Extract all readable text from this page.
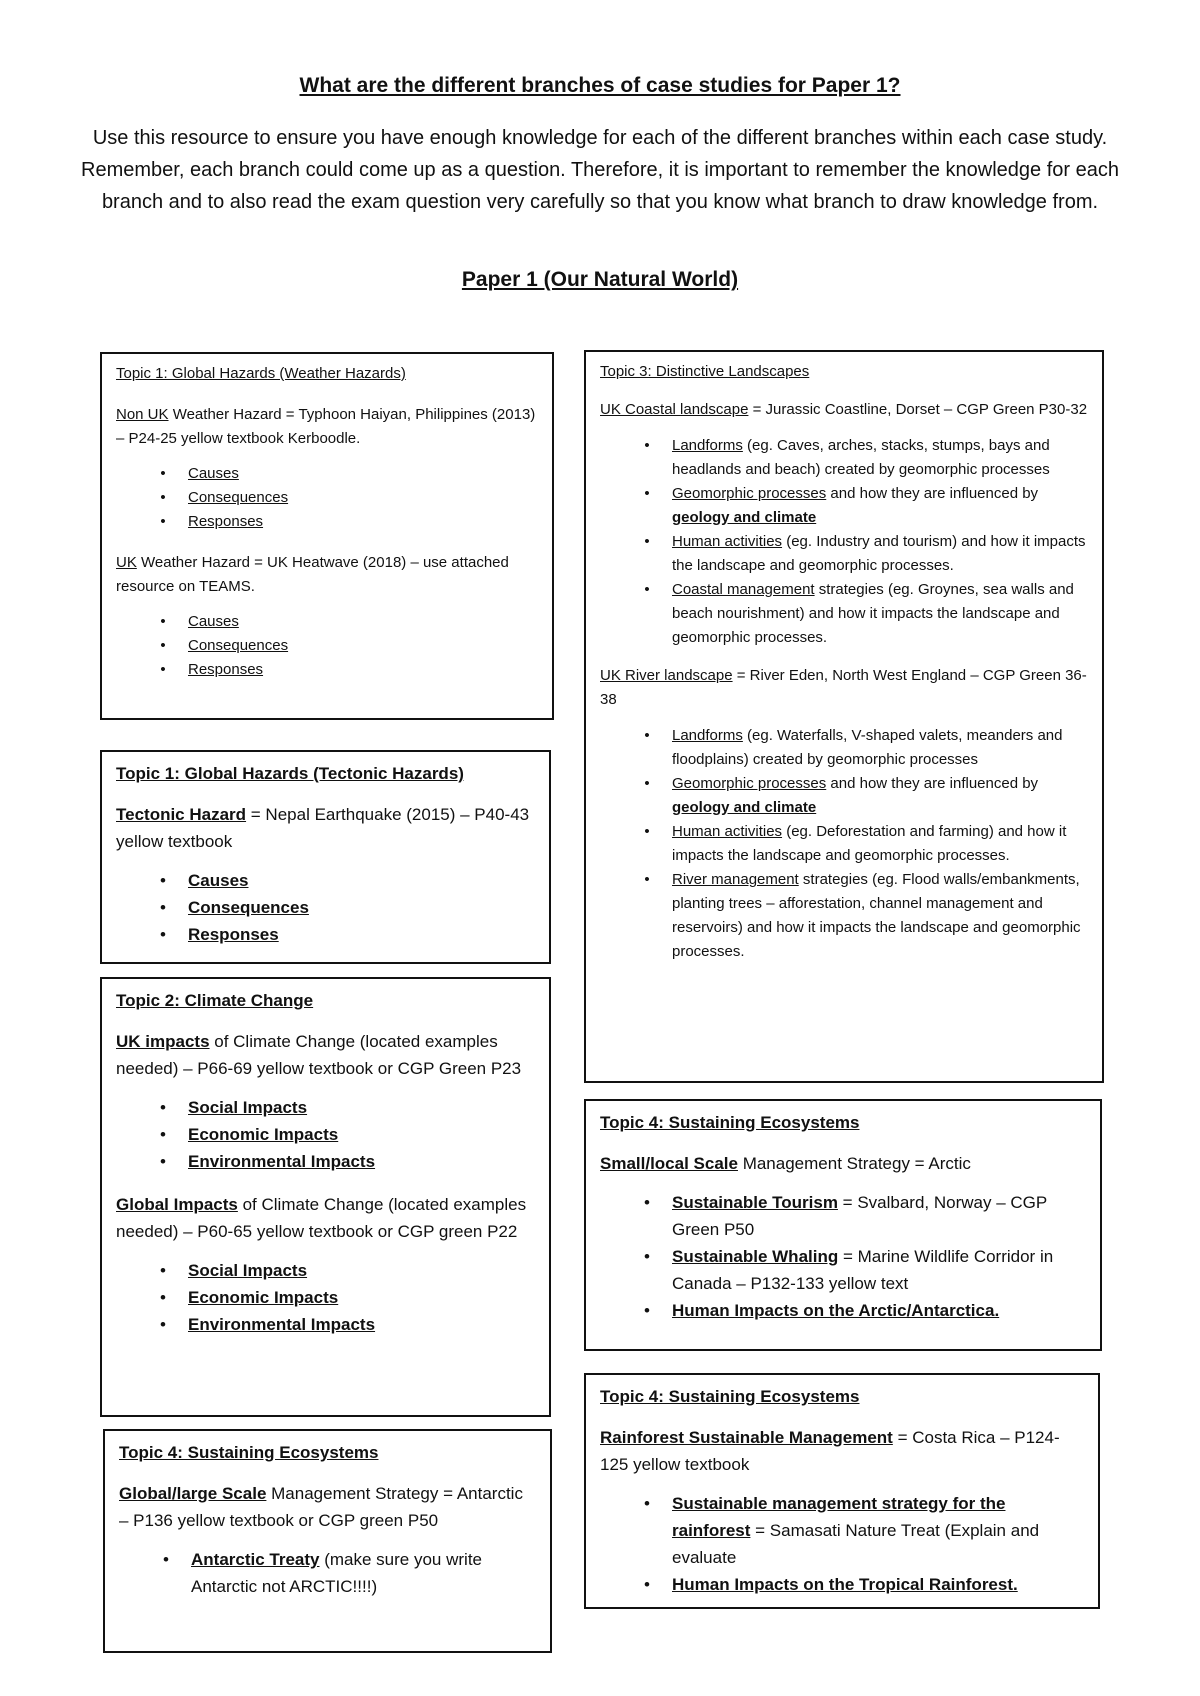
What are the different branches of case studies for Paper 1?
Use this resource to ensure you have enough knowledge for each of the different branches within each case study. Remember, each branch could come up as a question. Therefore, it is important to remember the knowledge for each branch and to also read the exam question very carefully so that you know what branch to draw knowledge from.
Paper 1 (Our Natural World)

Topic 1: Global Hazards (Weather Hazards)

Non UK Weather Hazard = Typhoon Haiyan, Philippines (2013) – P24-25 yellow textbook Kerboodle.

• Causes
• Consequences
• Responses

UK Weather Hazard = UK Heatwave (2018) – use attached resource on TEAMS.

• Causes
• Consequences
• Responses

Topic 1: Global Hazards (Tectonic Hazards)

Tectonic Hazard = Nepal Earthquake (2015) – P40-43 yellow textbook

• Causes
• Consequences
• Responses

Topic 2: Climate Change

UK impacts of Climate Change (located examples needed) – P66-69 yellow textbook or CGP Green P23

• Social Impacts
• Economic Impacts
• Environmental Impacts

Global Impacts of Climate Change (located examples needed) – P60-65 yellow textbook or CGP green P22

• Social Impacts
• Economic Impacts
• Environmental Impacts

Topic 4: Sustaining Ecosystems

Global/large Scale Management Strategy = Antarctic – P136 yellow textbook or CGP green P50

• Antarctic Treaty (make sure you write Antarctic not ARCTIC!!!!)

Topic 3: Distinctive Landscapes

UK Coastal landscape = Jurassic Coastline, Dorset – CGP Green P30-32

• Landforms (eg. Caves, arches, stacks, stumps, bays and headlands and beach) created by geomorphic processes
• Geomorphic processes and how they are influenced by geology and climate
• Human activities (eg. Industry and tourism) and how it impacts the landscape and geomorphic processes.
• Coastal management strategies (eg. Groynes, sea walls and beach nourishment) and how it impacts the landscape and geomorphic processes.

UK River landscape = River Eden, North West England – CGP Green 36-38

• Landforms (eg. Waterfalls, V-shaped valets, meanders and floodplains) created by geomorphic processes
• Geomorphic processes and how they are influenced by geology and climate
• Human activities (eg. Deforestation and farming) and how it impacts the landscape and geomorphic processes.
• River management strategies (eg. Flood walls/embankments, planting trees – afforestation, channel management and reservoirs) and how it impacts the landscape and geomorphic processes.

Topic 4: Sustaining Ecosystems

Small/local Scale Management Strategy = Arctic

• Sustainable Tourism = Svalbard, Norway – CGP Green P50
• Sustainable Whaling = Marine Wildlife Corridor in Canada – P132-133 yellow text
• Human Impacts on the Arctic/Antarctica.

Topic 4: Sustaining Ecosystems

Rainforest Sustainable Management = Costa Rica – P124-125 yellow textbook

• Sustainable management strategy for the rainforest = Samasati Nature Treat (Explain and evaluate
• Human Impacts on the Tropical Rainforest.
